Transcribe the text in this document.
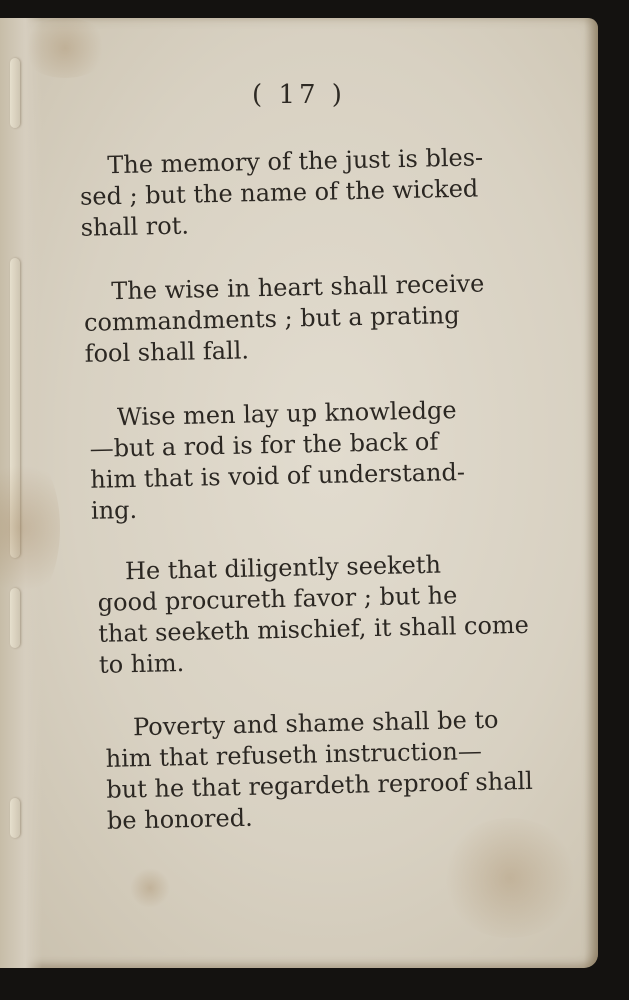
( 17 )

The memory of the just is bles-
sed ; but the name of the wicked
shall rot.

The wise in heart shall receive
commandments ; but a prating
fool shall fall.

Wise men lay up knowledge
—but a rod is for the back of
him that is void of understand-
ing.

He that diligently seeketh
good procureth favor ; but he
that seeketh mischief, it shall come
to him.

Poverty and shame shall be to
him that refuseth instruction—
but he that regardeth reproof shall
be honored.
